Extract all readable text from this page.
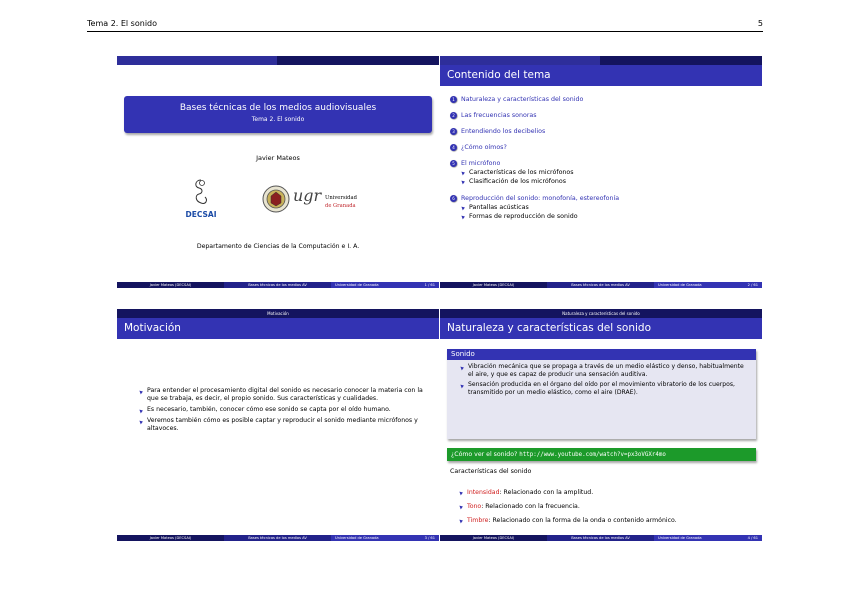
Tema 2. El sonido	5
Bases técnicas de los medios audiovisuales
Tema 2. El sonido
Javier Mateos
DECSAI
ugr Universidad
de Granada
Departamento de Ciencias de la Computación e I. A.
Javier Mateos (DECSAI)	Bases técnicas de los medios AV	Universidad de Granada	1 / 61
Contenido del tema
1 Naturaleza y características del sonido
2 Las frecuencias sonoras
3 Entendiendo los decibelios
4 ¿Cómo oímos?
5 El micrófono
Características de los micrófonos
Clasificación de los micrófonos
6 Reproducción del sonido: monofonía, estereofonía
Pantallas acústicas
Formas de reproducción de sonido
Javier Mateos (DECSAI)	Bases técnicas de los medios AV	Universidad de Granada	2 / 61
Motivación
Motivación
Para entender el procesamiento digital del sonido es necesario conocer la materia con la que se trabaja, es decir, el propio sonido. Sus características y cualidades.
Es necesario, también, conocer cómo ese sonido se capta por el oído humano.
Veremos también cómo es posible captar y reproducir el sonido mediante micrófonos y altavoces.
Javier Mateos (DECSAI)	Bases técnicas de los medios AV	Universidad de Granada	3 / 61
Naturaleza y características del sonido
Naturaleza y características del sonido
Sonido
Vibración mecánica que se propaga a través de un medio elástico y denso, habitualmente el aire, y que es capaz de producir una sensación auditiva.
Sensación producida en el órgano del oído por el movimiento vibratorio de los cuerpos, transmitido por un medio elástico, como el aire (DRAE).
¿Cómo ver el sonido? http://www.youtube.com/watch?v=px3oVGXr4mo
Características del sonido
Intensidad : Relacionado con la amplitud.
Tono : Relacionado con la frecuencia.
Timbre : Relacionado con la forma de la onda o contenido armónico.
Javier Mateos (DECSAI)	Bases técnicas de los medios AV	Universidad de Granada	4 / 61
